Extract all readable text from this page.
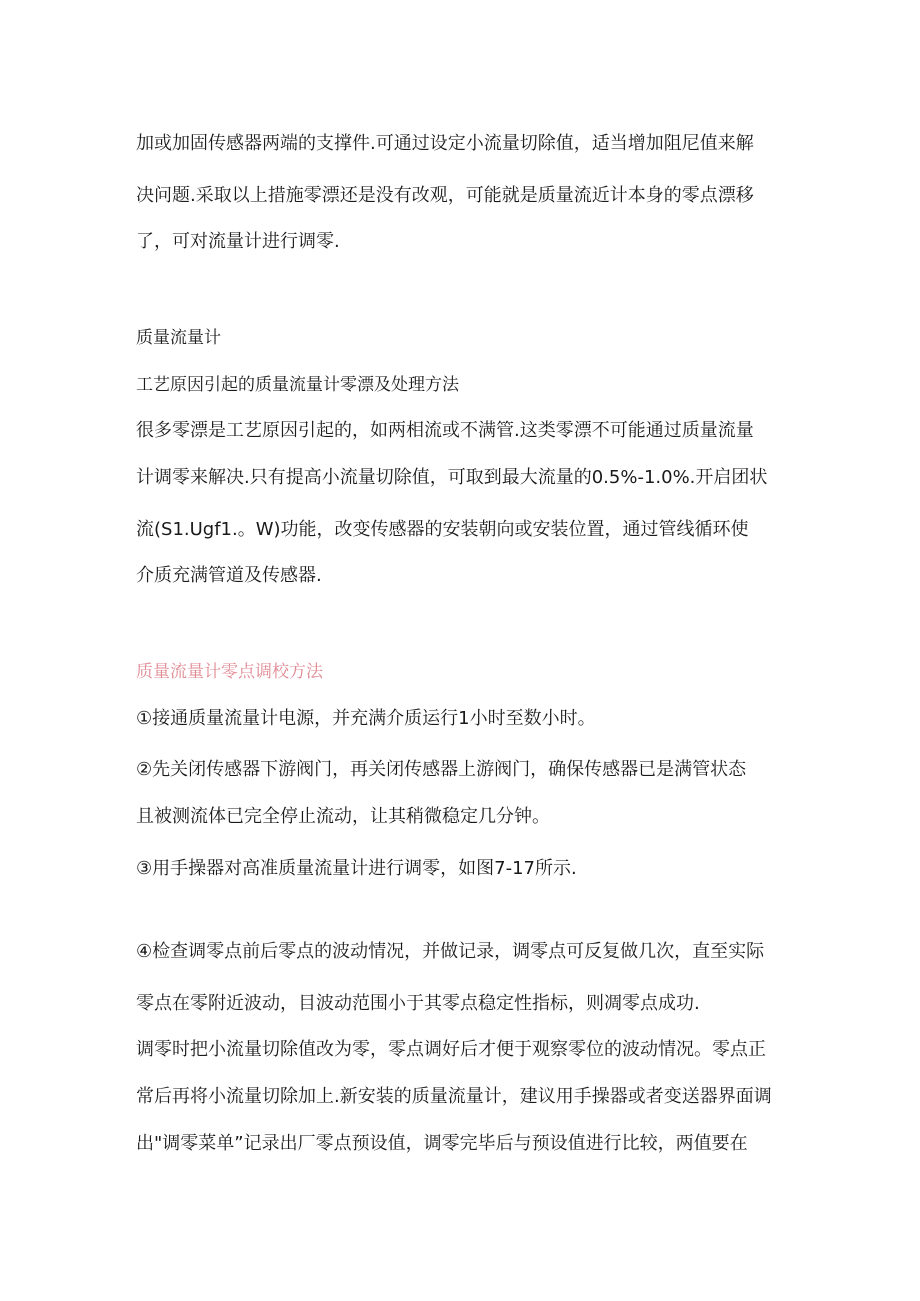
加或加固传感器两端的支撑件.可通过设定小流量切除值，适当增加阻尼值来解

决问题.采取以上措施零漂还是没有改观，可能就是质量流近计本身的零点漂移

了，可对流量计进行调零.

质量流量计

工艺原因引起的质量流量计零漂及处理方法

很多零漂是工艺原因引起的，如两相流或不满管.这类零漂不可能通过质量流量

计调零来解决.只有提高小流量切除值，可取到最大流量的0.5%-1.0%.开启团状

流(S1.Ugf1.。W)功能，改变传感器的安装朝向或安装位置，通过管线循环使

介质充满管道及传感器.

质量流量计零点调校方法

①接通质量流量计电源，并充满介质运行1小时至数小时。

②先关闭传感器下游阀门，再关闭传感器上游阀门，确保传感器已是满管状态

且被测流体已完全停止流动，让其稍微稳定几分钟。

③用手操器对高准质量流量计进行调零，如图7-17所示.

④检查调零点前后零点的波动情况，并做记录，调零点可反复做几次，直至实际

零点在零附近波动，目波动范围小于其零点稳定性指标，则凋零点成功.

调零时把小流量切除值改为零，零点调好后才便于观察零位的波动情况。零点正

常后再将小流量切除加上.新安装的质量流量计，建议用手操器或者变送器界面调

出"调零菜单”记录出厂零点预设值，调零完毕后与预设值进行比较，两值要在
